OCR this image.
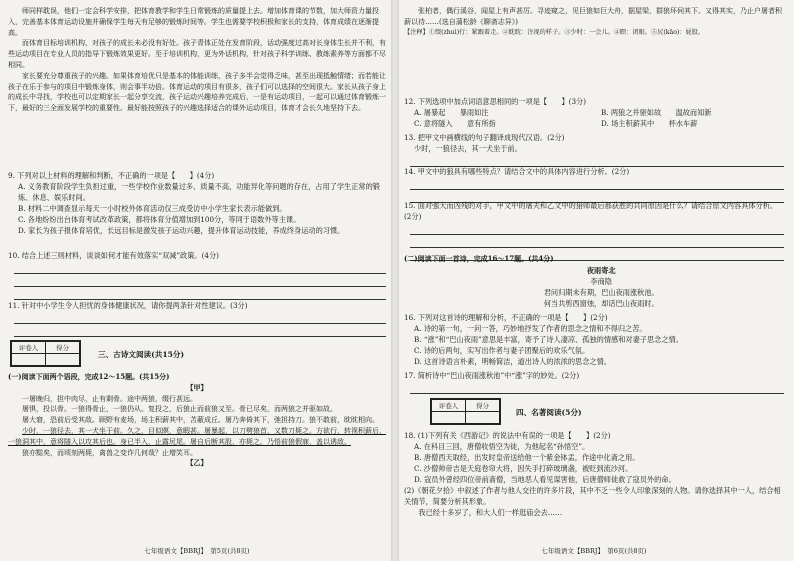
师同样耽误，他们一定会科学安排，把体育教学和学生日常锻炼的质量提上去。增加体育课的节数，加大师资力量投入，完善基本体育运动设施并确保学生每天有足够的锻炼时间等。学生也需要学校积极和家长的支持，体育成绩在逐渐提高。

而体育目标培训机构，对孩子的成长未必没有好处。孩子青体正处在发育阶段，话动强度过高对长身体生长并不利，有些运动项目在专业人员的指导下锻炼效果更好。至于培训机构，更为外话机构，针对孩子科学训练、教练素养等方面都不尽相同。

家长要充分尊重孩子的兴趣。如果体育培优只是基本的体能训练，孩子多半会觉得乏味，甚至出现抵触情绪；而若能让孩子在乐于参与的项目中锻炼身体，则会事半功倍。体育运动的项目有很多，孩子们可以选择的空间很大。家长从孩子身上的成长中寻找，学校也可以定期家长一起分享交流，孩子运动兴趣培养完成后，一是有运动项目，一起可以通过体育锻炼一下，最好的三全面发展学校的重要性。最好能按照孩子的兴趣选择适合的课外运动项目，体育才会长久地坚持下去。

9. 下列对以上材料的理解和判断，不正确的一项是【　　】(4分)

A. 义务教育阶段学生负担过重，一些学校作业数量过多、质量不高，功能异化等问题的存在，占用了学生正常的锻炼、休息、娱乐时间。

B. 材料二中调查显示每天一小时校外体育活动仅三成受访中小学生家长表示能做到。

C. 各地纷纷出台体育考试改革政策，都将体育分值增加到100分，等同于语数外等主课。

D. 家长为孩子报体育培优，长远目标是激发孩子运动兴趣，提升体育运动技能，养成终身运动的习惯。

10. 结合上述三则材料，谈谈如何才能有效落实“双减”政策。(4分)

11. 针对中小学生令人担忧的身体健康状况，请你提两条针对性建议。(3分)

评卷人	得分

三、古诗文阅读(共15分)

(一)阅读下面两个语段，完成12～15题。(共15分)

【甲】

一屠晚归，担中肉尽，止有剩骨。途中两狼，缀行甚远。

屠惧，投以骨。一狼得骨止，一狼仍从。复投之，后狼止而前狼又至。骨已尽矣，而两狼之并驱如故。

屠大窘，恐前后受其敌。顾野有麦场，场主积薪其中，苫蔽成丘。屠乃奔倚其下，弛担持刀。狼不敢前，眈眈相向。

少时，一狼径去，其一犬坐于前。久之，目似瞑，意暇甚。屠暴起，以刀劈狼首，又数刀毙之。方欲行，转视积薪后，一狼洞其中，意将隧入以攻其后也。身已半入，止露尻尾。屠自后断其股，亦毙之。乃悟前狼假寐，盖以诱敌。

狼亦黠矣，而顷刻两毙，禽兽之变诈几何哉？止增笑耳。

【乙】

七年级语文【BBRJ】　第5页(共8页)

张柏者，偶行溪谷，闻屋上有声甚厉。寻迹窥之，见巨狼如巨大舟，据屋梁，群狼环伺其下。又得其实，乃止户屠者积薪以待……(选自蒲松龄《聊斋志异》)

【注释】①缀(zhuì)行：紧跟着走。②眈眈：注视的样子。③少时：一会儿。④瞑：闭眼。⑤尻(kāo)：屁股。

12. 下列选项中加点词语意思相同的一项是【　　】(3分)

A. 屠暴起　　暴雨如注	B. 两狼之并驱如故　　温故而知新
C. 意将隧入　　意有所指	D. 场主积薪其中　　杯水车薪

13. 把甲文中画横线的句子翻译成现代汉语。(2分)

少时，一狼径去，其一犬坐于前。

14. 甲文中的狼具有哪些特点？请结合文中的具体内容进行分析。(2分)

15. 面对强大而凶残的对手，甲文中的屠夫和乙文中的猎师最后都获胜的共同原因是什么？请结合原文内容具体分析。(2分)

(二)阅读下面一首诗，完成16～17题。(共4分)

夜雨寄北

李商隐

君问归期未有期，巴山夜雨涨秋池。

何当共剪西窗烛，却话巴山夜雨时。

16. 下列对这首诗的理解和分析，不正确的一项是【　　】(2分)

A. 诗的第一句，一问一答，巧妙地抒发了作者的思念之情和不得归之苦。

B. “涨”和“巴山夜雨”意思是丰富，寄予了诗人凄凉、孤独的情感和对妻子思念之情。

C. 诗的后两句，实写出作者与妻子团聚后的欢乐气氛。

D. 这首诗语言朴素，明畅简洁，道出诗人的浓浓的思念之情。

17. 简析诗中“巴山夜雨涨秋池”中“涨”字的妙处。(2分)

评卷人	得分

四、名著阅读(5分)

18. (1)下列有关《西游记》的说法中有误的一项是【　　】(2分)

A. 在科目三回，唐僧收悟空为徒，为他起名“孙悟空”。

B. 唐僧西天取经，出发时皇帝送给他一个紫金钵盂，作途中化斋之用。

C. 沙僧帅帝吉是天庭卷帘大将，因失手打碎玻璃盏，被贬到流沙河。

D. 寇员外曾经四位帝前斋僧，当地恶人看见谋害他，后唐僧师徒救了寇员外的命。

(2)《朝花夕拾》中叙述了作者与他人交往的许多片段，其中不乏一些令人印象深刻的人物。请你选择其中一人，结合相关情节，简要分析其形象。

我已经十多岁了，和大人们一样逛庙会去……

七年级语文【BBRJ】　第6页(共8页)
